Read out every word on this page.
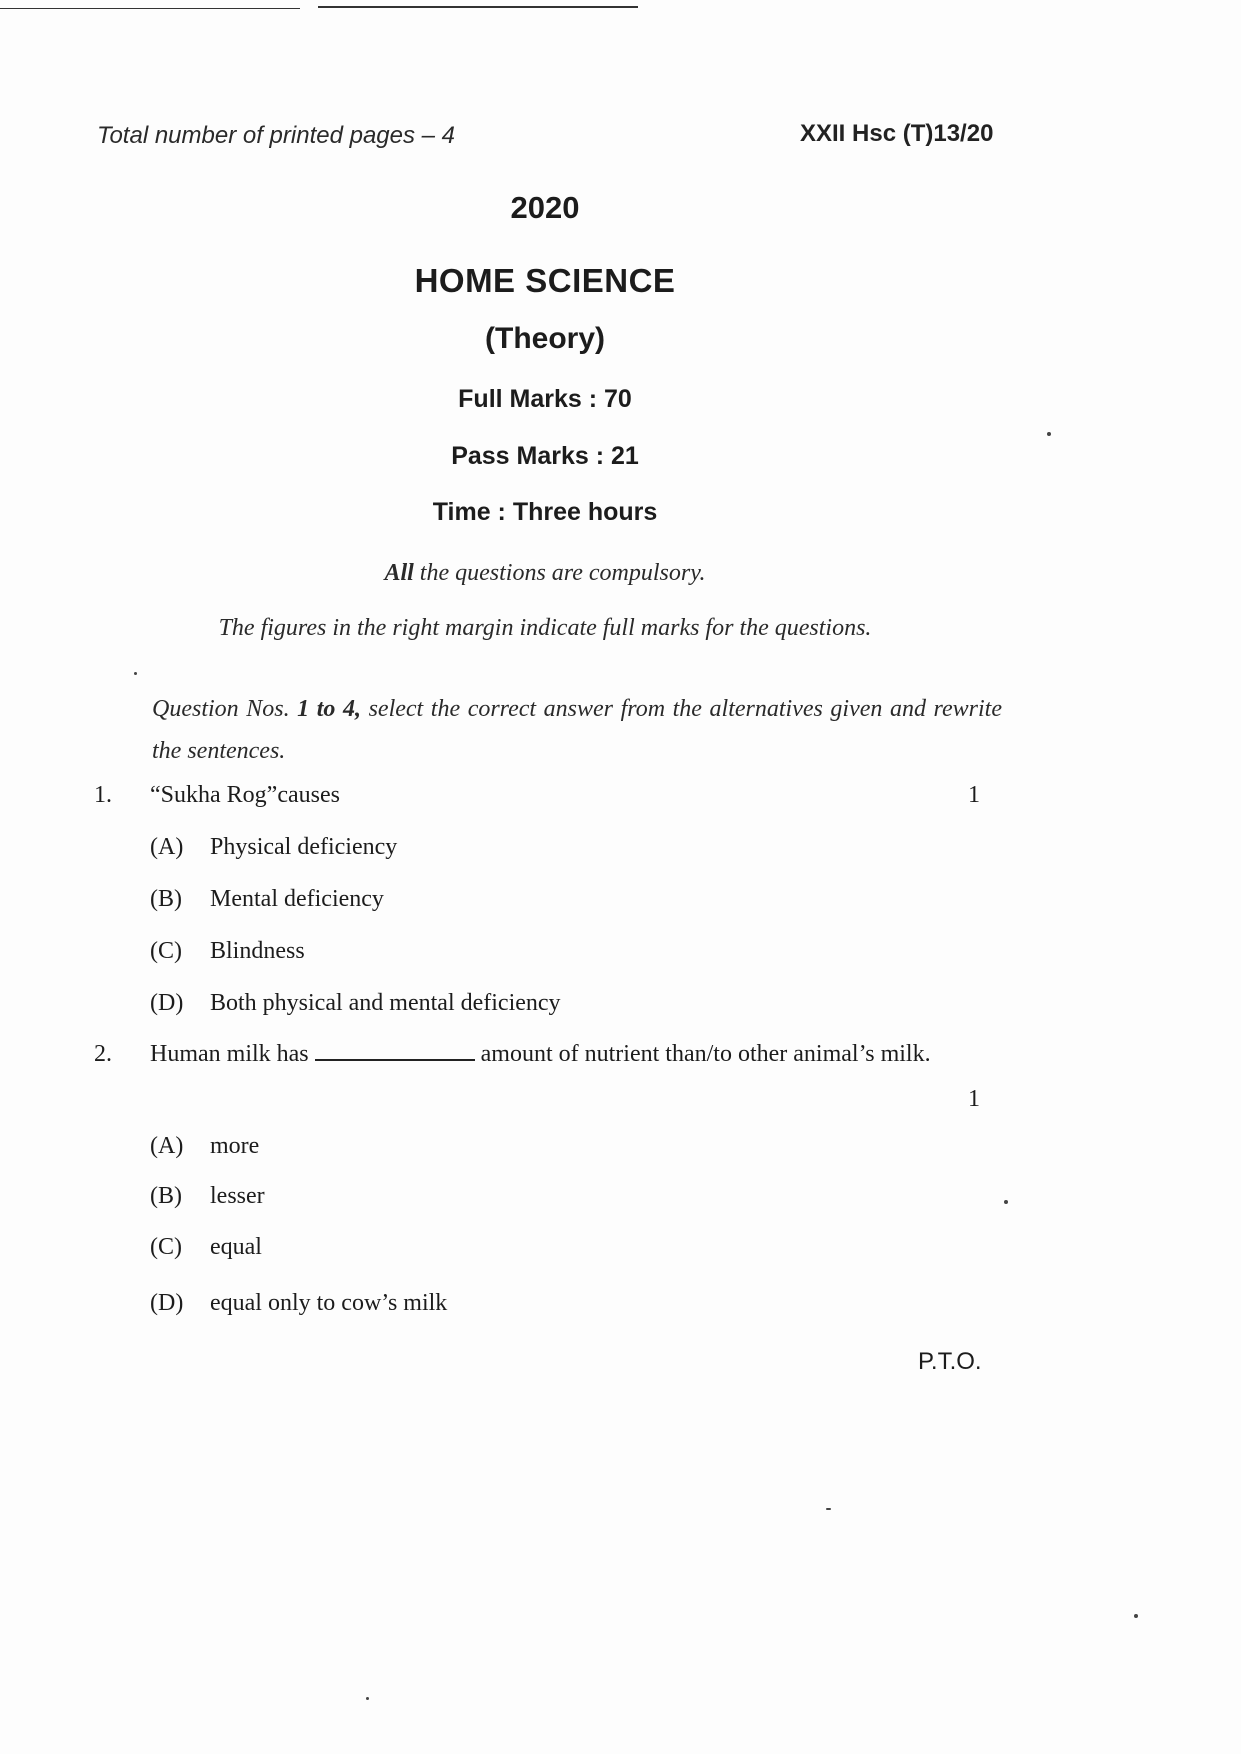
Total number of printed pages – 4	XXII Hsc (T)13/20
2020
HOME SCIENCE
(Theory)
Full Marks : 70
Pass Marks : 21
Time : Three hours
All the questions are compulsory.
The figures in the right margin indicate full marks for the questions.
Question Nos. 1 to 4, select the correct answer from the alternatives given and rewrite the sentences.
1. “Sukha Rog”causes	1
(A) Physical deficiency
(B) Mental deficiency
(C) Blindness
(D) Both physical and mental deficiency
2. Human milk has	amount of nutrient than/to other animal’s milk.
1
(A) more
(B) lesser
(C) equal
(D) equal only to cow’s milk
P.T.O.
